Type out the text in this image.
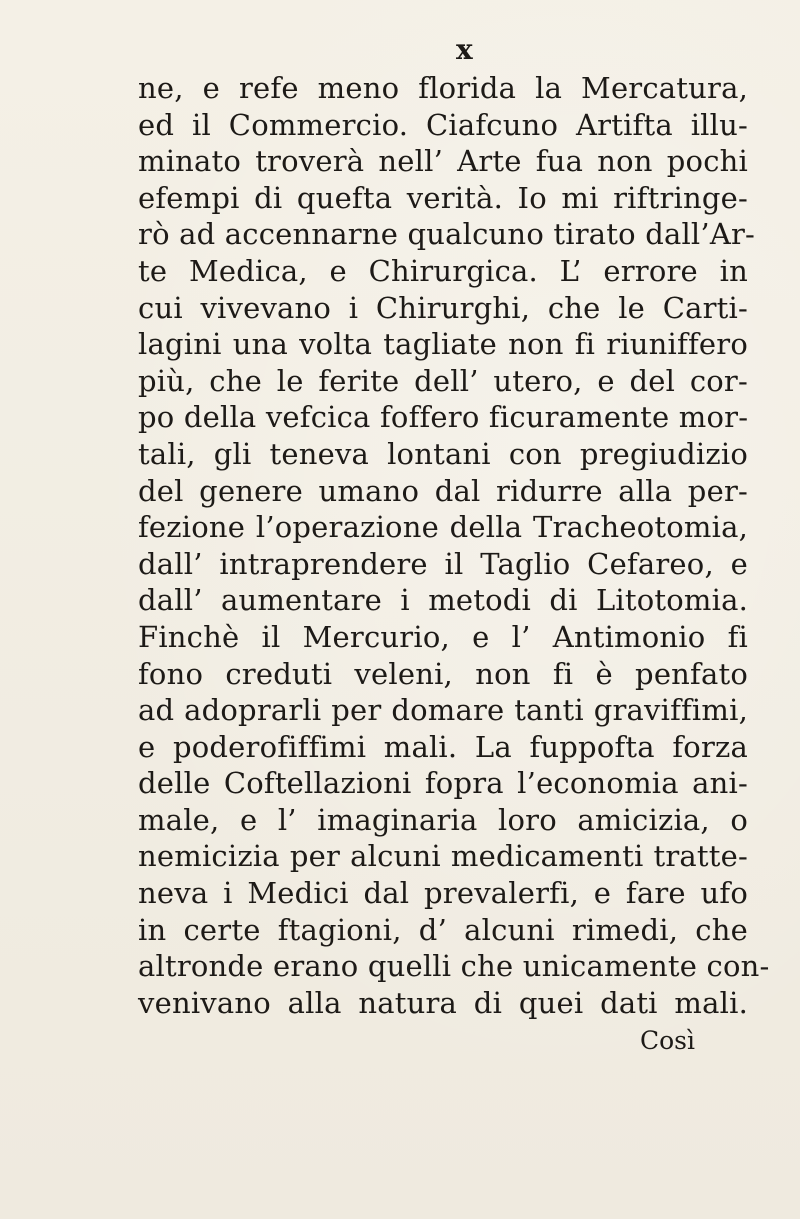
x
ne, e refe meno florida la Mercatura,
ed il Commercio. Ciafcuno Artifta illu-
minato troverà nell’ Arte fua non pochi
efempi di quefta verità. Io mi riftringe-
rò ad accennarne qualcuno tirato dall’Ar-
te Medica, e Chirurgica. L’ errore in
cui vivevano i Chirurghi, che le Carti-
lagini una volta tagliate non fi riuniffero
più, che le ferite dell’ utero, e del cor-
po della vefcica foffero ficuramente mor-
tali, gli teneva lontani con pregiudizio
del genere umano dal ridurre alla per-
fezione l’operazione della Tracheotomia,
dall’ intraprendere il Taglio Cefareo, e
dall’ aumentare i metodi di Litotomia.
Finchè il Mercurio, e l’ Antimonio fi
fono creduti veleni, non fi è penfato
ad adoprarli per domare tanti graviffimi,
e poderofiffimi mali. La fuppofta forza
delle Coftellazioni fopra l’economia ani-
male, e l’ imaginaria loro amicizia, o
nemicizia per alcuni medicamenti tratte-
neva i Medici dal prevalerfi, e fare ufo
in certe ftagioni, d’ alcuni rimedi, che
altronde erano quelli che unicamente con-
venivano alla natura di quei dati mali.
Così
